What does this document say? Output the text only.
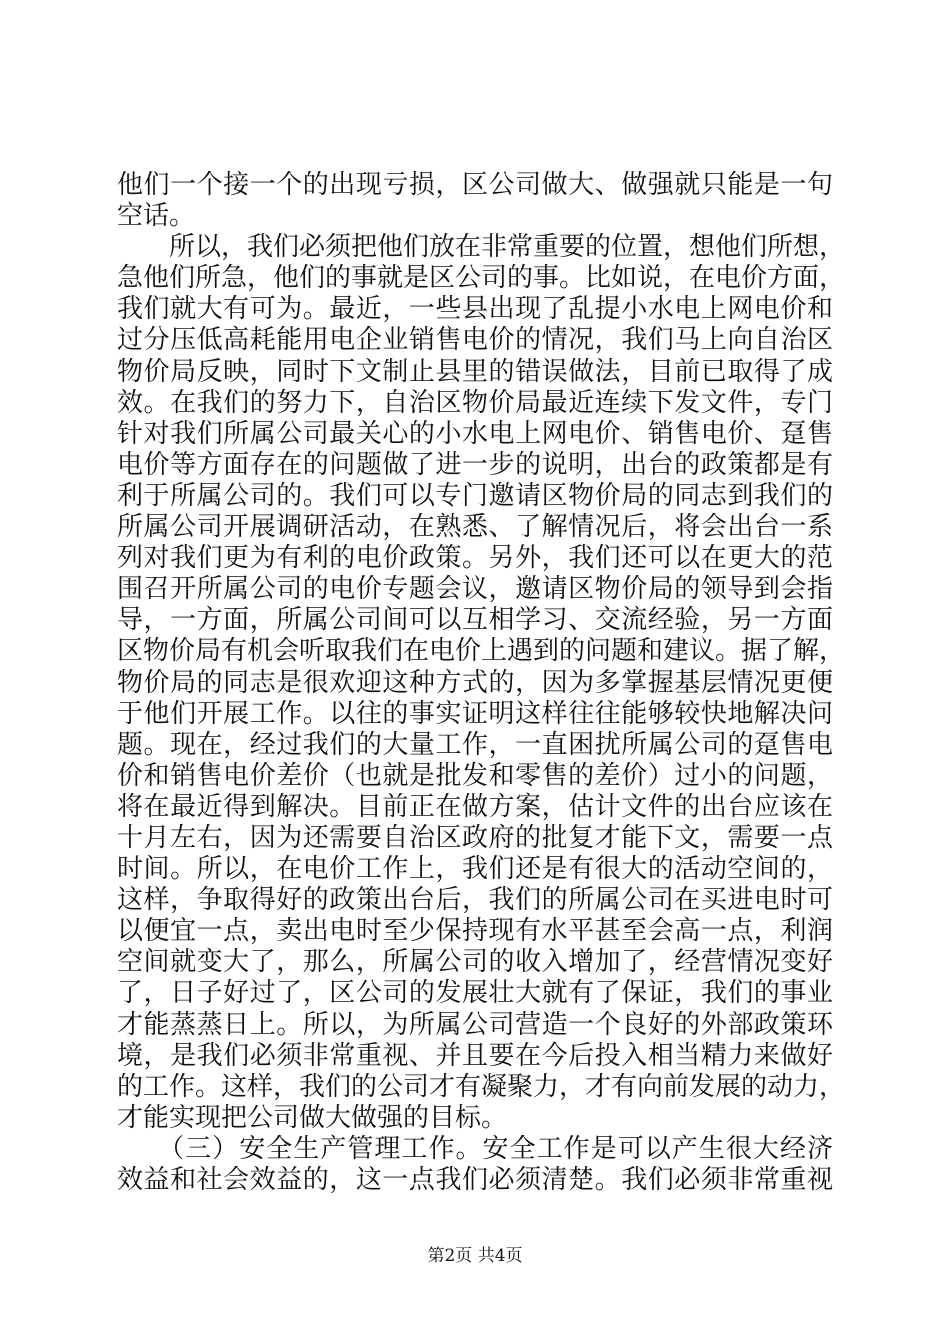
他们一个接一个的出现亏损，区公司做大、做强就只能是一句
空话。
　　所以，我们必须把他们放在非常重要的位置，想他们所想，
急他们所急，他们的事就是区公司的事。比如说，在电价方面，
我们就大有可为。最近，一些县出现了乱提小水电上网电价和
过分压低高耗能用电企业销售电价的情况，我们马上向自治区
物价局反映，同时下文制止县里的错误做法，目前已取得了成
效。在我们的努力下，自治区物价局最近连续下发文件，专门
针对我们所属公司最关心的小水电上网电价、销售电价、趸售
电价等方面存在的问题做了进一步的说明，出台的政策都是有
利于所属公司的。我们可以专门邀请区物价局的同志到我们的
所属公司开展调研活动，在熟悉、了解情况后，将会出台一系
列对我们更为有利的电价政策。另外，我们还可以在更大的范
围召开所属公司的电价专题会议，邀请区物价局的领导到会指
导，一方面，所属公司间可以互相学习、交流经验，另一方面
区物价局有机会听取我们在电价上遇到的问题和建议。据了解，
物价局的同志是很欢迎这种方式的，因为多掌握基层情况更便
于他们开展工作。以往的事实证明这样往往能够较快地解决问
题。现在，经过我们的大量工作，一直困扰所属公司的趸售电
价和销售电价差价（也就是批发和零售的差价）过小的问题，
将在最近得到解决。目前正在做方案，估计文件的出台应该在
十月左右，因为还需要自治区政府的批复才能下文，需要一点
时间。所以，在电价工作上，我们还是有很大的活动空间的，
这样，争取得好的政策出台后，我们的所属公司在买进电时可
以便宜一点，卖出电时至少保持现有水平甚至会高一点，利润
空间就变大了，那么，所属公司的收入增加了，经营情况变好
了，日子好过了，区公司的发展壮大就有了保证，我们的事业
才能蒸蒸日上。所以，为所属公司营造一个良好的外部政策环
境，是我们必须非常重视、并且要在今后投入相当精力来做好
的工作。这样，我们的公司才有凝聚力，才有向前发展的动力，
才能实现把公司做大做强的目标。
　　（三）安全生产管理工作。安全工作是可以产生很大经济
效益和社会效益的，这一点我们必须清楚。我们必须非常重视
第2页 共4页
